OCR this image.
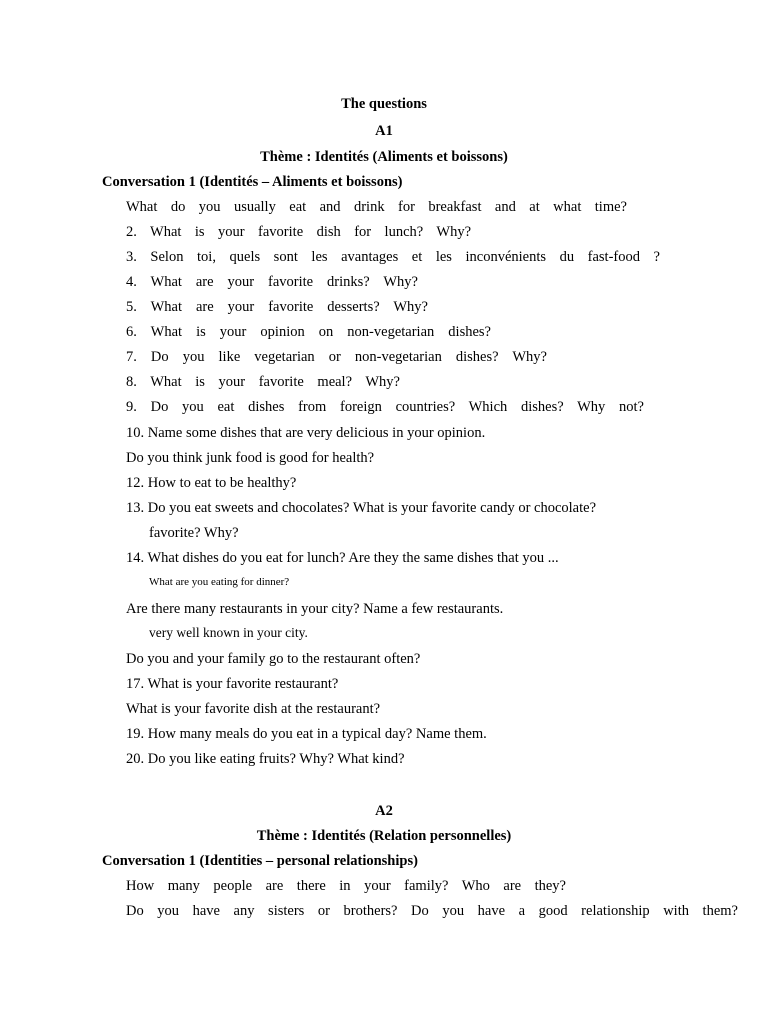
The questions
A1
Thème : Identités (Aliments et boissons)
Conversation 1 (Identités – Aliments et boissons)
What do you usually eat and drink for breakfast and at what time?
2. What is your favorite dish for lunch? Why?
3. Selon toi, quels sont les avantages et les inconvénients du fast-food ?
4. What are your favorite drinks? Why?
5. What are your favorite desserts? Why?
6. What is your opinion on non-vegetarian dishes?
7. Do you like vegetarian or non-vegetarian dishes? Why?
8. What is your favorite meal? Why?
9. Do you eat dishes from foreign countries? Which dishes? Why not?
10. Name some dishes that are very delicious in your opinion.
Do you think junk food is good for health?
12. How to eat to be healthy?
13. Do you eat sweets and chocolates? What is your favorite candy or chocolate?
favorite? Why?
14. What dishes do you eat for lunch? Are they the same dishes that you ...
What are you eating for dinner?
Are there many restaurants in your city? Name a few restaurants.
very well known in your city.
Do you and your family go to the restaurant often?
17. What is your favorite restaurant?
What is your favorite dish at the restaurant?
19. How many meals do you eat in a typical day? Name them.
20. Do you like eating fruits? Why? What kind?
A2
Thème : Identités (Relation personnelles)
Conversation 1 (Identities – personal relationships)
How many people are there in your family? Who are they?
Do you have any sisters or brothers? Do you have a good relationship with them?
